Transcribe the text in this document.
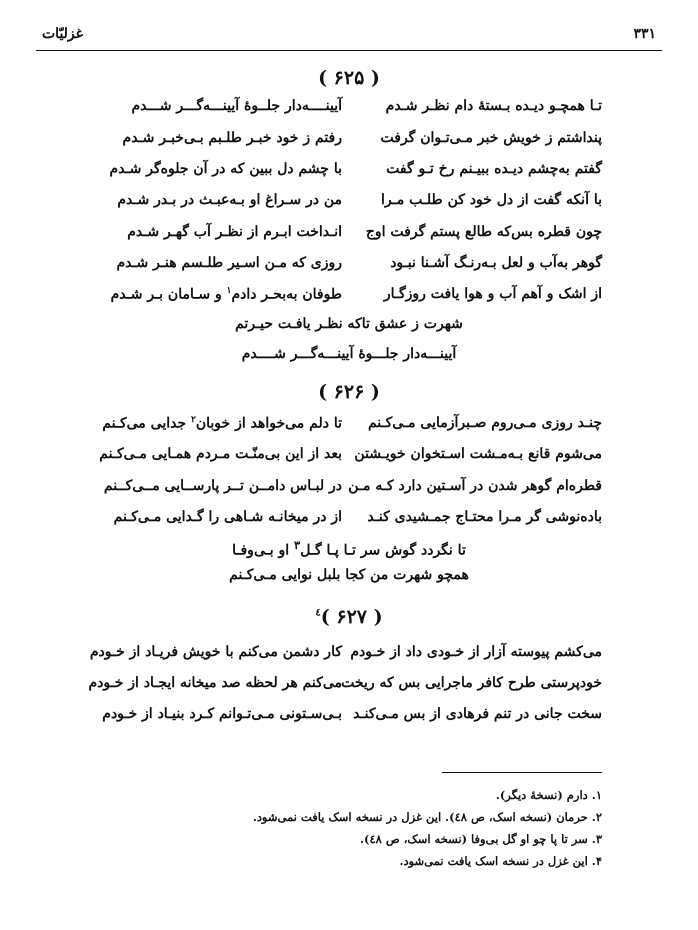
غزلیّات	۳۳۱
( ۶۲۵ )
تـا همچـو دیـده بـستهٔ دام نظـر شـدم
آیینــــه‌دار جلــوهٔ آیینـــه‌گـــر شـــدم
پنداشتم ز خویش خبر مـی‌تـوان گرفت
رفتم ز خود خبـر طلـبم بـی‌خبـر شـدم
گفتم به‌چشم دیـده ببیـنم رخ تـو گفت
با چشم دل ببین که در آن جلوه‌گر شـدم
با آنکه گفت از دل خود کن طلـب مـرا
من در سـراغ او بـه‌عبـث در بـدر شـدم
چون قطره بس‌که طالع پستم گرفت اوج
انـداخت ابـرم از نظـر آب گهـر شـدم
گوهر به‌آب و لعل بـه‌رنـگ آشـنا نبـود
روزی که مـن اسـیر طلـسم هنـر شـدم
از اشک و آهم آب و هوا یافت روزگـار
طوفان به‌بحـر دادم$^۱$ و سـامان بـر شـدم
شهرت ز عشق تاکه نظـر یافـت حیـرتم
آیینـــه‌دار جلـــوهٔ آیینـــه‌گـــر شــــدم
( ۶۲۶ )
چنـد روزی مـی‌روم صـبرآزمایی مـی‌کـنم
تا دلم می‌خواهد از خوبان$^۲$ جدایی می‌کـنم
می‌شوم قانع بـه‌مـشت اسـتخوان خویـشتن
بعد از این بی‌منّـت مـردم همـایی مـی‌کـنم
قطره‌ام گوهر شدن در آسـتین دارد کـه مـن
در لبـاس دامــن تــر پارســایی مــی‌کــنم
باده‌نوشی گر مـرا محتـاج جمـشیدی کنـد
از در میخانـه شـاهی را گـدایی مـی‌کـنم
تا نگردد گوش سر تـا پـا گـل$^۳$ او بـی‌وفـا
همچو شهرت من کجا بلبل نوایی مـی‌کـنم
$^٤$( ۶۲۷ )
می‌کشم پیوسته آزار از خـودی داد از خـودم
کار دشمن می‌کنم با خویش فریـاد از خـودم
خودپرستی طرح کافر ماجرایی بس که ریخت
می‌کنم هر لحظه صد میخانه ایجـاد از خـودم
سخت جانی در تنم فرهادی از بس مـی‌کنـد
بـی‌سـتونی مـی‌تـوانم کـرد بنیـاد از خـودم
۱. دارم (نسخهٔ دیگر).
۲. حرمان (نسخه اسک، ص ٤٨). این غزل در نسخه اسک یافت نمی‌شود.
۳. سر تا پا چو او گل بی‌وفا (نسخه اسک، ص ٤٨).
۴. این غزل در نسخه اسک یافت نمی‌شود.
